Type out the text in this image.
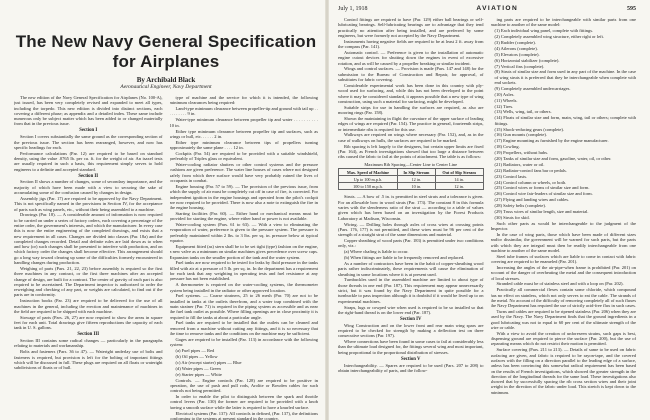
The New Navy General Specification for Airplanes
By Archibald Black
Aeronautical Engineer, Navy Department

The new edition of the Navy General Specification for Airplanes (No. 100-A), just issued, has been very completely revised and expanded to meet all types, including the torpedo. This new edition is divided into distinct sections, each covering a different phase; as appendix and a detailed index. These same include numerous only be subject matter which has been added to or changed materially from that in the previous issue.

Section I

Section I covers substantially the same ground as the corresponding section of the previous issue. The section has been rearranged, however, and now has specific headings for each.

Performance calculations (Par. 12) are required to be based on standard density, using the value .0765 lb. per cu. ft. for the weight of air. An isaxel tests are usually required in such a basis, this requirement simply serves to hold engineers to a definite and accepted standard.

Section II

Section II shows a number of changes, some of secondary importance, and the majority of which have been made with a view to securing the sake of accumulating some of the confusion caused by changes in design.

Assembly jigs (Par. 17) are required to be approved by the Navy Department. This is not specifically named in the provisions in Section IV, for the acceptance of parts such as wing panels, etc., without their being assembled to a machine.

Drawings (Par. 18). — A considerable amount of information is now required to be carried on under a series of factory orders, each covering a percentage of the entire order, the government's interests, and which the manufacturer. In every case this is now the entire engineering of the completed drawings, and exists that a new requirement in all cases. Changes are divided into classes (Par. 18a) and the completed changes recorded. Detail and definite rules are laid down as to when and how (or) such changes shall be presented to interfere with production, and on which factory order the changes shall become effective. This arrangement should go a long way toward clearing up some of the difficulties formerly encountered in handling changes during production.

Weighing of parts (Pars. 21, 22, 23) before assembly is required so the first three machines in any contract, or the first three machines after an accepted change of design, are built for a contract. The center of gravity of each part is also required to be ascertained. The Department inspector is authorized to order the reweighing and checking of any part, or weights are calculated, to find out if the parts are in conformity.

Instruction books (Par. 23) are required to be delivered for the use of all machines in the general, including the erection and maintenance of machines in the field are required to be shipped with each machine.

Stowage of parts (Pars. 26, 27) are now required to show the areas in square feet for each unit. Total drawings give fifteen reproductions the capacity of each tank in U. S. gallons.

Section III

Section III contains some radical changes — particularly in the paragraphs relating to materials and workmanship.

Bolts and fasteners (Pars. 36 to 47). — Wateright underlay use of bolts and fasteners is required, but provision is left for the bolting of important fittings which will be discussed in full. These plugs are required on all floats or wateright subdivisions of floats or of hull.

type of machine and the service for which it is intended, the following minimum clearances being required:

Land-type minimum clearance between propeller-tip and ground with tail up . . . . . . . . . . 9 in.

Water-type minimum clearance between propeller tip and water . . . . . . . . . . 10 in.

Either type minimum clearance between propeller tip and surfaces, such as wings or hull, etc. . . . . . 2 in.

Either type minimum clearance between tips of propellers turning approximately the same plane . . . . 12 in.

Cockpits (Par. 54) are required to be provided with a suitable windshield, preferably of Triplex glass or equivalent.

Water-cooling radiator shutters or other control systems and the pressure cushions are given preference. The water line houses of cases where not designed safely from which there surface would have very probably ruined the lives of occupants in combat.

Engine housing (Par. 57 to 59). — The provision of the previous issue, from which the supply of air must be completely cut off in case of fire, is corrected. For independent ignition in the engine housings and operated from the pilot's cockpit are now required to be provided. There is now also a note to extinguish the fire in the engine housing.

Starting facilities (Par. 60). — Either hand or mechanical means must be provided for starting the engine, where either hand or power is not available.

Water-cooling system (Pars. 61 to 63). — With a view to eliminating the evaporation of water, preference is given to the pressure system. The pressure is preferably maintained within 2 lbs. to 3 lbs. per sq. in. pressure below at typical equator.

Equipment fitted (as) stern shall be to be set tight (type) fashion on the engine, a new valve as a minimum on similar machines gives precedence over screw caps. Expansion tanks on the smaller portion of the tank and the water system.

Fuel tanks are now required to be tested for leaks by fluid pressure in the tanks filled with air at a pressure of 5 lb. per sq. in. In the department has a requirement for each tank that any weighting in operating tests and fuel resistance at any pressure has not been established.

A thermometer is required on the water-cooling systems, the thermometer system being installed in the radiator or other approved location.

Fuel systems. — Coarse strainers, 25 to 26 mesh (Par. 70) are not to be installed in tanks at the outlets therefrom, and a water trap combined with the main strainer (Par. 71) is required in the piping system as accessible and as near the fuel tank outlet as possible. Where filling openings are in close proximity it is required to fill the tanks at about a particular angle.

Fuel tanks are required to be installed that the outlets can be cleaned and removed from a machine without cutting any fittings, and it is so necessary that the time to remove tanks and the conditions on the machine may be sufficient.

Gages are required to be installed (Par. 113) in accordance with the following system:

(a) Fuel pipes — Red

(b) Oil pipes — Yellow

(c) Air (except starter) pipes — Blue

(d) Water pipes — Green

(e) Starter pipes — White

Controls. — Engine controls (Par. 128) are required to be positive in operation, the use of push and pull rods, Arolite or Bowden cables for such controls not being permitted.

In order to enable the pilot to distinguish between the spark and throttle control levers (Par. 130) the former are required to be provided with a knob having a smooth surface while the latter is required to have a knurled surface.

Electrical systems (Par. 137): All controls in defined, (Par. 137), the definitions conforming to the systems at present standard in the country.

July 1, 1918	AVIATION	595

Control fittings are required to have (Par. 129) either ball bearings or self-lubricating bearings. Self-lubricating bearings are to advantage that they tend practically no attention after being installed, and are preferred by some engineers, but were formerly not accepted by the Navy Department.

Instruments having negative fields are required to be at least 2 ft. away from the compass (Par. 141).

Automatic control. — Preference is given to the installation of automatic engine cutout devices for shutting down the engines in event of excessive rotation, and as will be caused by a propeller breaking or similar incident.

Wings and control surfaces. — Provision is made (Pars. 147 and 148) for the submission to the Bureau of Construction and Repair, for approval, of substitutes for fabric covering.

Considerable experimental work has been done in this country with ply-wood used for surfacing, and, while this has not been developed to the point where it may be considered standard, it appears possible that a new type of wing construction, using such a material for surfacing, might be developed.

Suitable strips for use in handling the surfaces are required, as also are mooring rings (Par. 158).

Shown the maintaining in flight the curvature of the upper surface of leading edges of wings are required (Par. 154). The practice in general, fourteenth strips, or intermediate ribs is required for this use.

Walkways are required on wings where necessary (Par. 152), and, as in the case of walkways on hulls, the surfaces are required to be marked.

Rib spacing is left largely to the designers, but certain upper limits are fixed (Par. 164), as French investigations showed that too large a distance between ribs caused the fabric to fail at the points of attachment. The table is as follows:

Maximum Rib Spacing—Center Line to Center Line
Max. Speed of Machine	In Slip Stream	Out of Slip Stream
Up to 100 m.p.h.	12 in.	14 in.
100 to 150 m.p.h.	10 in.	12 in.

Struts. — A bow of .5 in. is permitted in steel struts and a tolerance is given. For an allowable bow in wood struts (Par. 173). The constant 8 in this formula varies with the slenderness ratio of the strut — according to a table of values given which has been based on an investigation by the Forest Products Laboratory at Madison, Wisconsin.

Wiring. — Drilling holes through axles of cross wires at crossing points (Pars. 176, 177) is not permitted, and these wires must be 96 per cent of the strength of a straight strut of the same dimensions and material.

Copper sheathing of wood parts (Par. 183) is permitted under two conditions only, viz.:

(a) Where chafing is liable to occur.

(b) When fittings are liable to be frequently removed and replaced.

As a number of contractors have been in the habit of copper-sheathing wood parts rather indiscriminately, these requirements will cause the elimination of sheathing in some locations where it is at present used.

Turnbuckles used in the assembled machine are limited to about type of those threads in one end (Par. 187). This requirement may appear unnecessarily strict, but it was found by the Navy Department in quite possible for a turnbuckle to pass inspection although it is doubtful if it would be lived up to on experimental machines.

Straps, lugs or cowped wire when used is required to be so installed so that the right-hand thread is on the lower end (Par. 187).

Section IV

Wing Construction and on the lower front and rear main wing spars are required to be checked for strength by making a deflection test on three consecutive sections (Par. 197).

Where connections have been found in some cases to fail at considerably less than the ultimate load designed for, the fittings several wing and most important, being proportional to the proportional distribution of stresses.

Section V

Interchangeability. — Spares are required to be used (Pars. 207 to 208) to obtain interchangeability of parts, and the follow-

ing parts are required to be interchangeable with similar parts from one machine to another of the same model:

(1) Each individual wing panel, complete with fittings.

(2) Completely assembled wing structure, either right or left.

(3) Rudder (complete).

(4) Ailerons (complete).

(5) Elevators (complete).

(6) Horizontal stabilizer (complete).

(7) Vertical fins (complete).

(8) Struts of similar size and form used in any part of the machine. In the case of wing struts it is preferred that they be interchangeable when complete with end sockets.

(9) Completely assembled undercarriages.

(10) Axles.

(11) Wheels.

(12) Tires.

(13) Wells, wing, tail, or others.

(14) Floats of similar size and form, main, wing, tail or others; complete with fittings.

(15) Shock-reducing gears (complete).

(16) Gun mounts (complete).

(17) Engine mounting as furnished by the engine manufacturer.

(18) Cowling.

(19) Propellers, without hubs.

(20) Tanks of similar size and form, gasoline, water, oil, or other.

(21) Radiators, water or oil.

(22) Radiator-control fans bar or pedals.

(23) Control lasts.

(24) Control column or wheels, or both.

(25) Control wires or forms of similar size and form.

(26) Control wire fair-leaders of similar size and form.

(27) Flying and landing wires and cables.

(28) Safety belts (complete).

(29) Truss wires of similar length, size and material.

(30) Struts for skid.

Such other parts as would be interchangeable to the judgment of the Inspector.

In the case of wing parts, those which have been made of different sizes and/or dissimilar, the government will be warned for such parts, but the parts with which they are integral must then be readily interchangeable from one machine to another of the same model.

Steel tube frames of surfaces which are liable to come in contact with fabric covering are required to be enameled (Par. 201).

Increasing the angles of the air-pipe-when frame is prohibited (Par. 201) on account of the danger of overheating the metal and the consequent introduction of local stresses.

Stranded cable must be of stainless steel and with a loop on (Par. 202).

Practically all commercial flexes contain some chloride, which compound has no effect on stainless, which not only serves to eat the cable. The strands of the metal. No account of the difficulty of removing completely all of such fluxes the Navy Department has required the use of strictly acid-free flux in such cases.

Turns and cables are required to be ripened stainless (Par. 206) when they are used by the Navy. The Navy Department finds that the ground ingredients in a good lubricating was not to equal to 60 per cent of the ultimate strength of the wire or cable.

With a view to avoid the creation of unforeseen strains, such gaps is best, dispensing ground are required to pierce the surface (Par. 200), but the use of separating means which do not restrict their motion is permitted.

Surface covering (Pars. 211 to 213). — Details of same to be used on fabric surfacing are given, and fabric is required to be rayon-tape, and the covered surfaces with the filling on a direction parallel to the leading edge of a surface, unless has been convincing this somewhat radical requirement has been based on the results of French investigations, which showed the greater strength in the direction of the longitudinal threads for the same load. These investigations also showed that by successfully spacing the rib cross section wires and their joint weight in the direction of the fabric under load. This stretch is kept down to the minimum.
